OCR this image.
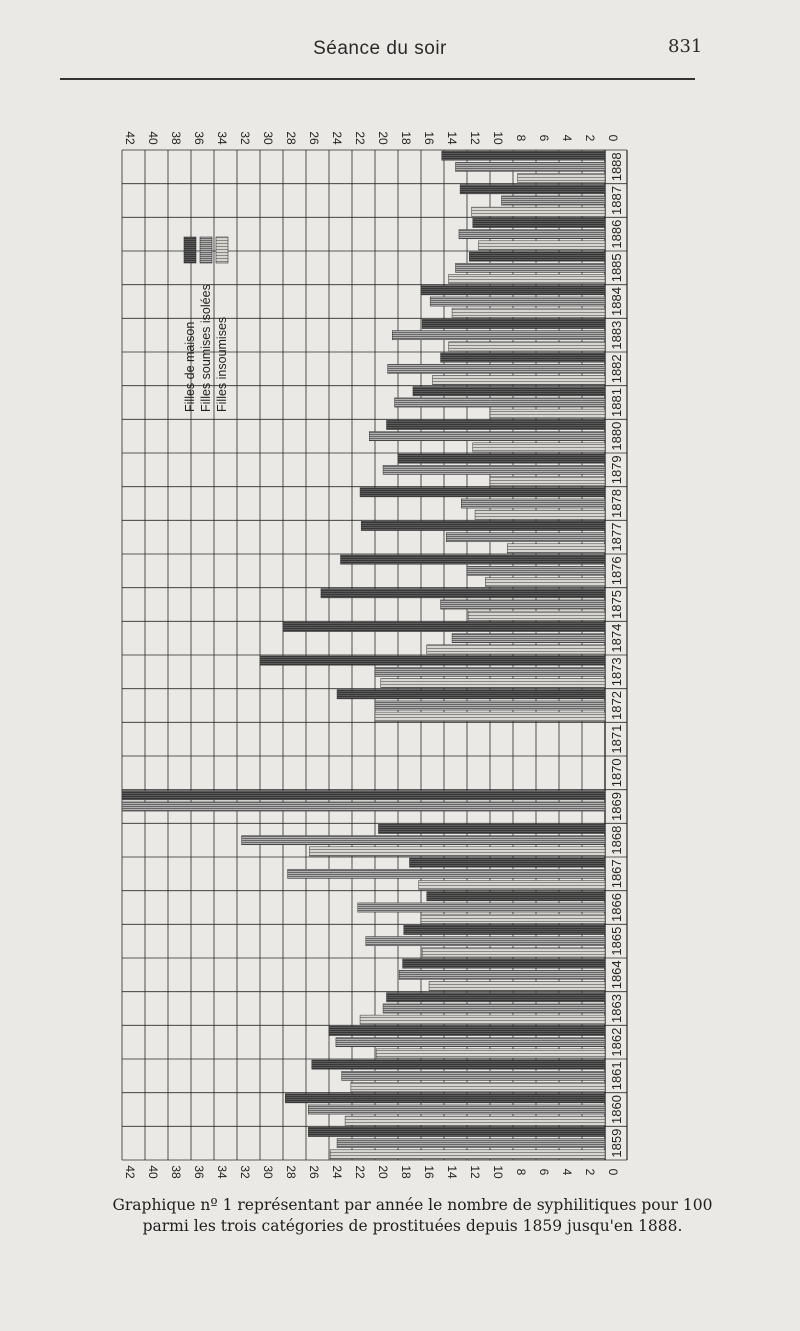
Séance du soir	831
0
0
2
2
4
4
6
6
8
8
10
10
12
12
14
14
16
16
18
18
20
20
22
22
24
24
26
26
28
28
30
30
32
32
34
34
36
36
38
38
40
40
42
42
1859
1860
1861
1862
1863
1864
1865
1866
1867
1868
1869
1870
1871
1872
1873
1874
1875
1876
1877
1878
1879
1880
1881
1882
1883
1884
1885
1886
1887
1888
Filles de maison Filles soumises isolées Filles insoumises
Graphique nº 1 représentant par année le nombre de syphilitiques pour 100
parmi les trois catégories de prostituées depuis 1859 jusqu'en 1888.
